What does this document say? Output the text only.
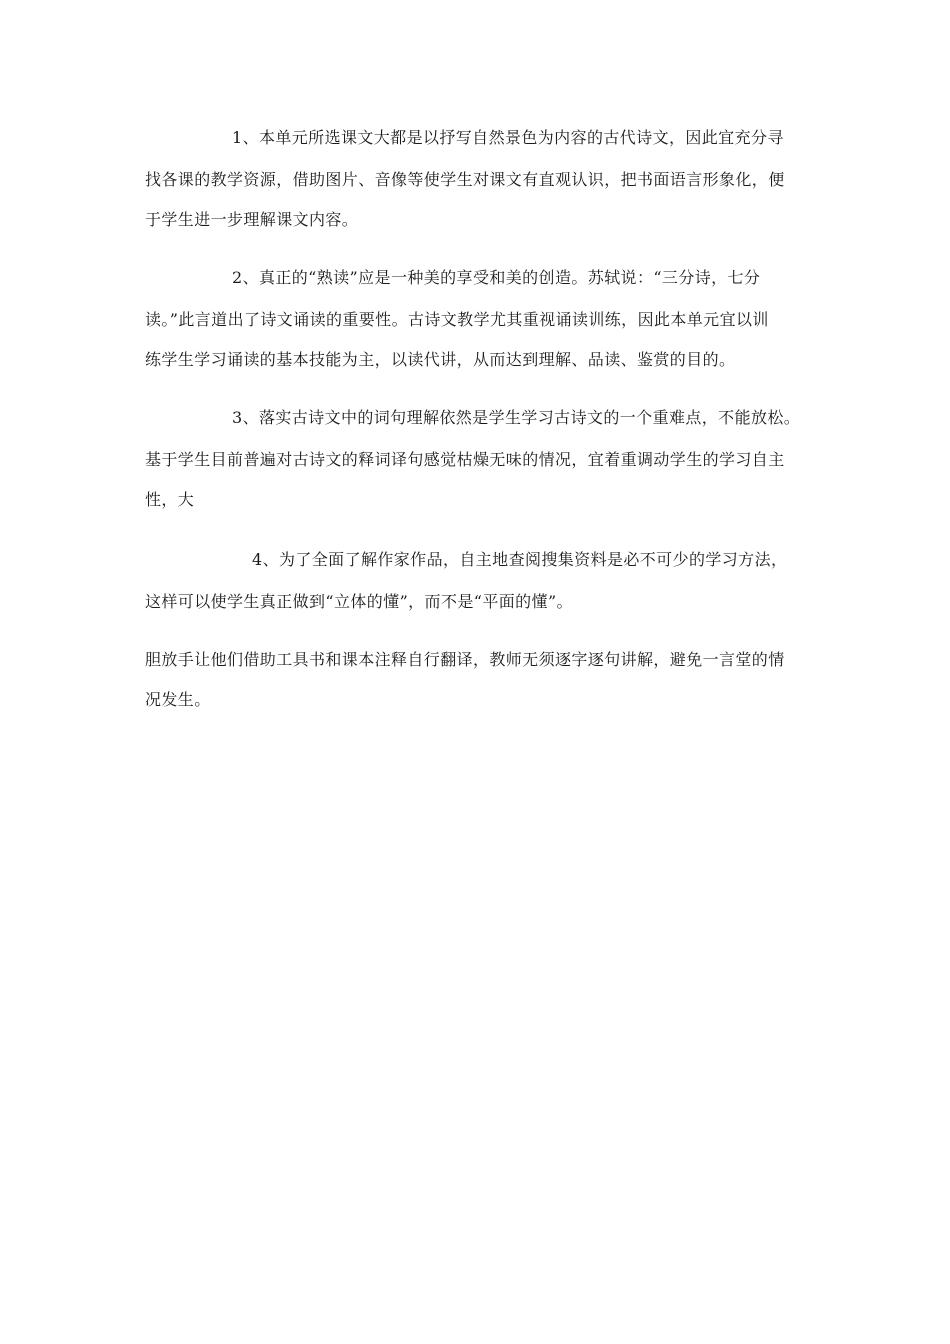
1、本单元所选课文大都是以抒写自然景色为内容的古代诗文，因此宜充分寻
找各课的教学资源，借助图片、音像等使学生对课文有直观认识，把书面语言形象化，便
于学生进一步理解课文内容。
2、真正的“熟读”应是一种美的享受和美的创造。苏轼说：“三分诗，七分
读。”此言道出了诗文诵读的重要性。古诗文教学尤其重视诵读训练，因此本单元宜以训
练学生学习诵读的基本技能为主，以读代讲，从而达到理解、品读、鉴赏的目的。
3、落实古诗文中的词句理解依然是学生学习古诗文的一个重难点，不能放松。
基于学生目前普遍对古诗文的释词译句感觉枯燥无味的情况，宜着重调动学生的学习自主
性，大
4、为了全面了解作家作品，自主地查阅搜集资料是必不可少的学习方法，
这样可以使学生真正做到“立体的懂”，而不是“平面的懂”。
胆放手让他们借助工具书和课本注释自行翻译，教师无须逐字逐句讲解，避免一言堂的情
况发生。
